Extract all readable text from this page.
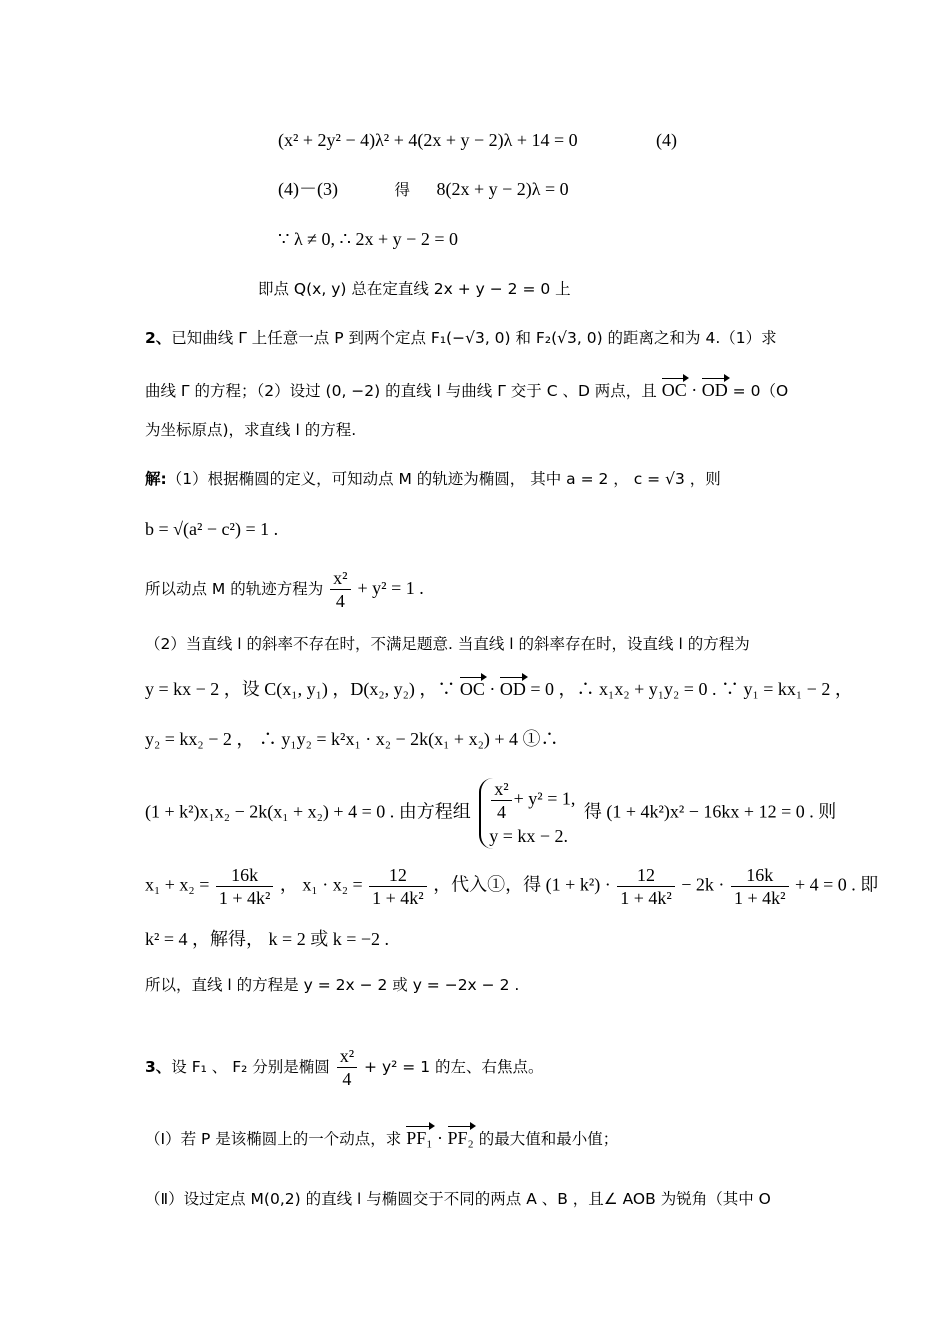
(x² + 2y² − 4)λ² + 4(2x + y − 2)λ + 14 = 0	(4)
(4)－(3)	得 8(2x + y − 2)λ = 0
∵ λ ≠ 0, ∴ 2x + y − 2 = 0
即点 Q(x, y) 总在定直线 2x + y − 2 = 0 上
2、已知曲线 Γ 上任意一点 P 到两个定点 F₁(−√3, 0) 和 F₂(√3, 0) 的距离之和为 4.（1）求
曲线 Γ 的方程；（2）设过 (0, −2) 的直线 l 与曲线 Γ 交于 C 、D 两点，且 OC · OD = 0（O
为坐标原点)，求直线 l 的方程.
解:（1）根据椭圆的定义，可知动点 M 的轨迹为椭圆， 其中 a = 2 ， c = √3 ，则
b = √(a² − c²) = 1 .
所以动点 M 的轨迹方程为 $\frac{\text{x²}}{4} + y^2 = 1$ .
（2）当直线 l 的斜率不存在时，不满足题意. 当直线 l 的斜率存在时，设直线 l 的方程为
y = kx − 2 ，设 C(x₁, y₁) ，D(x₂, y₂) ，∵ OC · OD = 0 ，∴ x₁x₂ + y₁y₂ = 0 . ∵ y₁ = kx₁ − 2 ，
y₂ = kx₂ − 2 ， ∴ y₁y₂ = k²x₁ · x₂ − 2k(x₁ + x₂) + 4 ①∴
(1 + k²)x₁x₂ − 2k(x₁ + x₂) + 4 = 0 . 由方程组 $\frac{\text{x²}}{4} + y^2 = 1$,
y = kx − 2.
得 (1 + 4k²)x² − 16kx + 12 = 0 . 则
$x_1 + x_2 = \frac{16k}{\text{1 + 4k²}}$ ， $x_1 \cdot x_2 = \frac{12}{\text{1 + 4k²}}$ ，代入①，得 $(1 + k^2) \cdot \frac{12}{\text{1 + 4k²}} - 2k \cdot \frac{16k}{\text{1 + 4k²}} + 4 = 0$ . 即
k² = 4 ，解得， k = 2 或 k = −2 .
所以，直线 l 的方程是 y = 2x − 2 或 y = −2x − 2 .
3、设 F₁ 、 F₂ 分别是椭圆 $\frac{\text{x²}}{4} + y^2 = 1$ 的左、右焦点。
（Ⅰ）若 P 是该椭圆上的一个动点，求 PF₁ · PF₂ 的最大值和最小值；
（Ⅱ）设过定点 M(0,2) 的直线 l 与椭圆交于不同的两点 A 、B ，且∠ AOB 为锐角（其中 O
